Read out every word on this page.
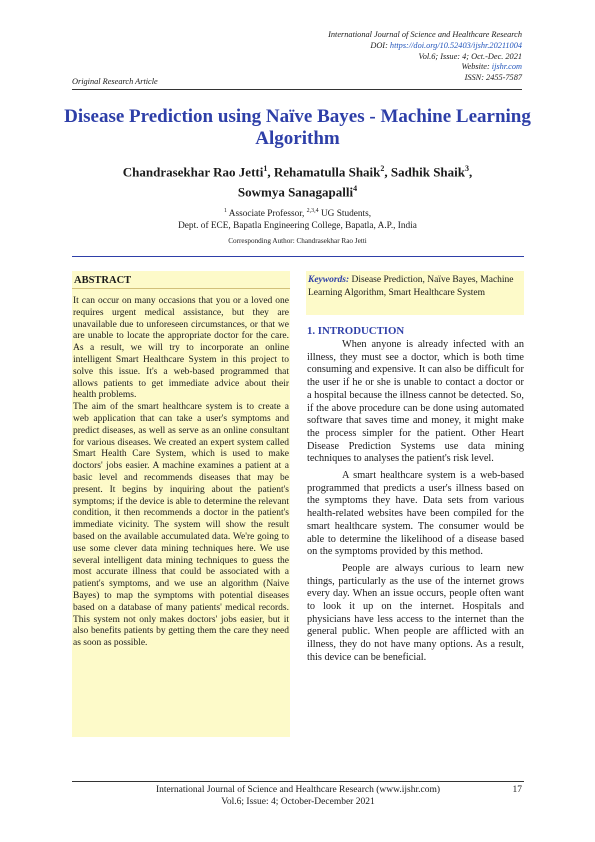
International Journal of Science and Healthcare Research
DOI: https://doi.org/10.52403/ijshr.20211004
Vol.6; Issue: 4; Oct.-Dec. 2021
Website: ijshr.com
ISSN: 2455-7587
Original Research Article
Disease Prediction using Naïve Bayes - Machine Learning Algorithm
Chandrasekhar Rao Jetti$^1$, Rehamatulla Shaik$^2$, Sadhik Shaik$^3$,
Sowmya Sanagapalli$^4$
$^1$ Associate Professor, $^{2,3,4}$ UG Students,
Dept. of ECE, Bapatla Engineering College, Bapatla, A.P., India
Corresponding Author: Chandrasekhar Rao Jetti
ABSTRACT

It can occur on many occasions that you or a loved one requires urgent medical assistance, but they are unavailable due to unforeseen circumstances, or that we are unable to locate the appropriate doctor for the care. As a result, we will try to incorporate an online intelligent Smart Healthcare System in this project to solve this issue. It's a web-based programmed that allows patients to get immediate advice about their health problems.

The aim of the smart healthcare system is to create a web application that can take a user's symptoms and predict diseases, as well as serve as an online consultant for various diseases. We created an expert system called Smart Health Care System, which is used to make doctors' jobs easier. A machine examines a patient at a basic level and recommends diseases that may be present. It begins by inquiring about the patient's symptoms; if the device is able to determine the relevant condition, it then recommends a doctor in the patient's immediate vicinity. The system will show the result based on the available accumulated data. We're going to use some clever data mining techniques here. We use several intelligent data mining techniques to guess the most accurate illness that could be associated with a patient's symptoms, and we use an algorithm (Naive Bayes) to map the symptoms with potential diseases based on a database of many patients' medical records. This system not only makes doctors' jobs easier, but it also benefits patients by getting them the care they need as soon as possible.

Keywords: Disease Prediction, Naïve Bayes, Machine Learning Algorithm, Smart Healthcare System
1. INTRODUCTION

When anyone is already infected with an illness, they must see a doctor, which is both time consuming and expensive. It can also be difficult for the user if he or she is unable to contact a doctor or a hospital because the illness cannot be detected. So, if the above procedure can be done using automated software that saves time and money, it might make the process simpler for the patient. Other Heart Disease Prediction Systems use data mining techniques to analyses the patient's risk level.

A smart healthcare system is a web-based programmed that predicts a user's illness based on the symptoms they have. Data sets from various health-related websites have been compiled for the smart healthcare system. The consumer would be able to determine the likelihood of a disease based on the symptoms provided by this method.

People are always curious to learn new things, particularly as the use of the internet grows every day. When an issue occurs, people often want to look it up on the internet. Hospitals and physicians have less access to the internet than the general public. When people are afflicted with an illness, they do not have many options. As a result, this device can be beneficial.

International Journal of Science and Healthcare Research (www.ijshr.com)
Vol.6; Issue: 4; October-December 2021
17
